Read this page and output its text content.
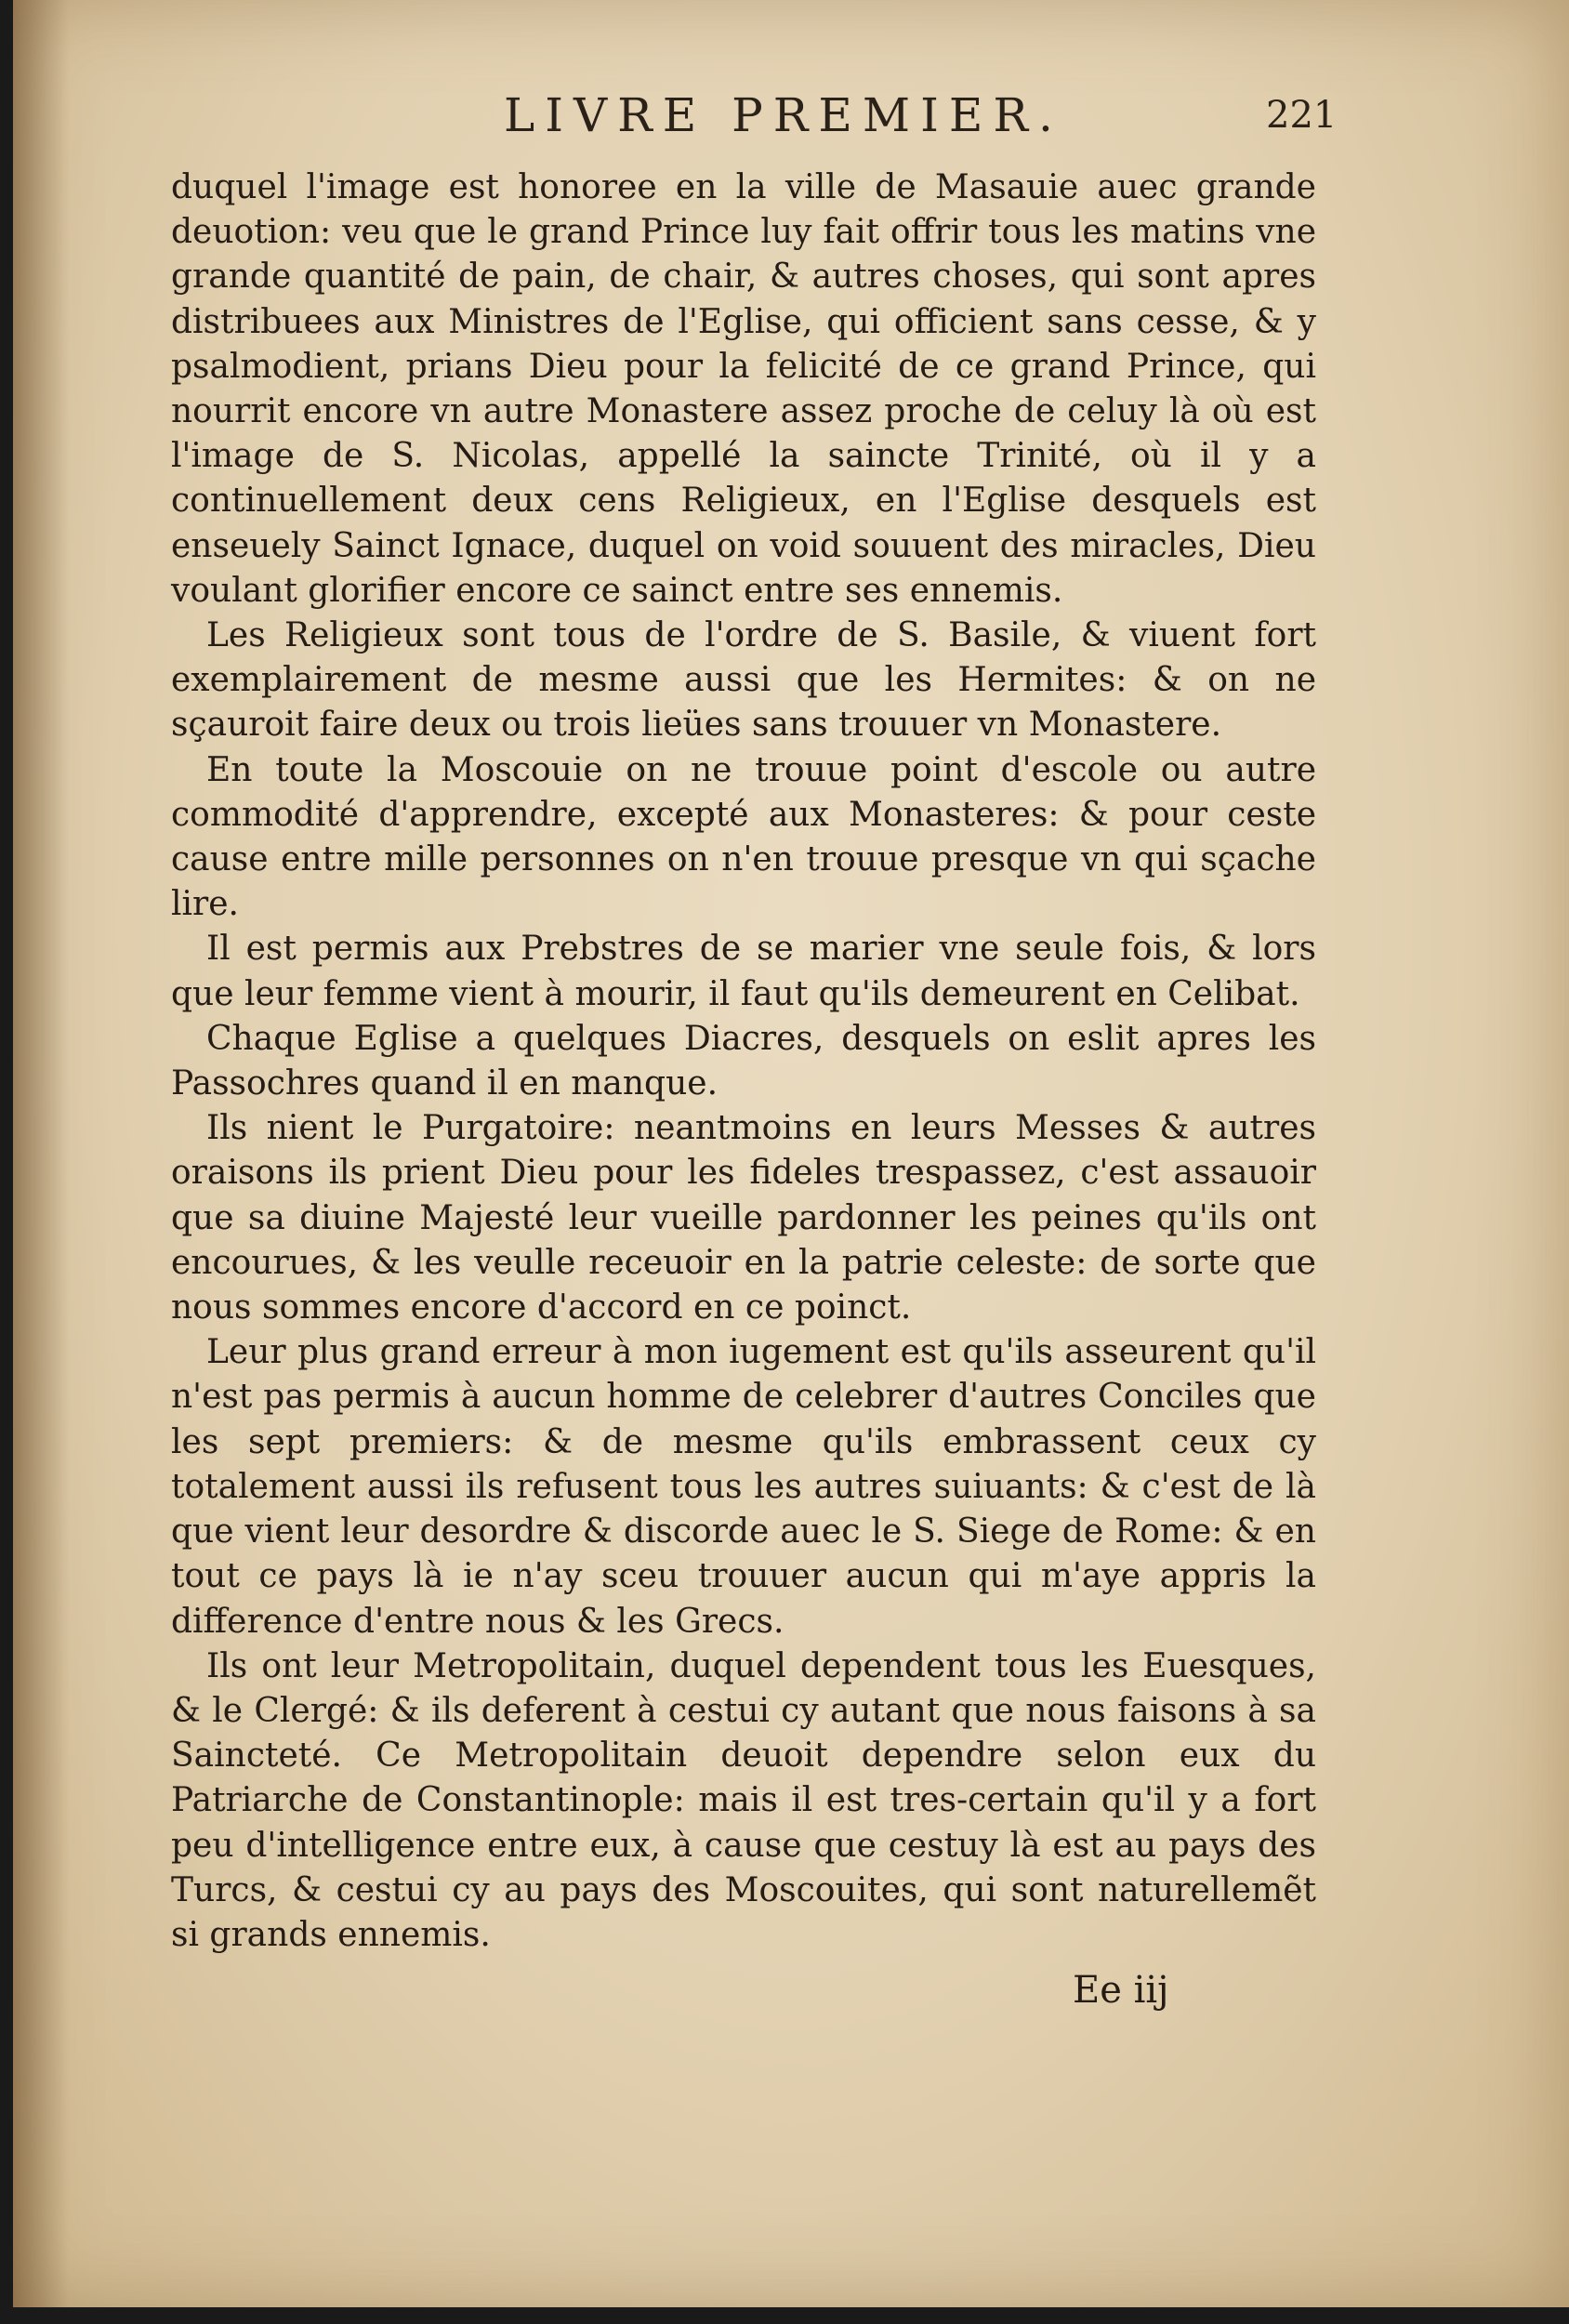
LIVRE PREMIER.	221

duquel l'image est honoree en la ville de Masauie auec grande deuotion: veu que le grand Prince luy fait offrir tous les matins vne grande quantité de pain, de chair, & autres choses, qui sont apres distribuees aux Ministres de l'Eglise, qui officient sans cesse, & y psalmodient, prians Dieu pour la felicité de ce grand Prince, qui nourrit encore vn autre Monastere assez proche de celuy là où est l'image de S. Nicolas, appellé la saincte Trinité, où il y a continuellement deux cens Religieux, en l'Eglise desquels est enseuely Sainct Ignace, duquel on void souuent des miracles, Dieu voulant glorifier encore ce sainct entre ses ennemis.

Les Religieux sont tous de l'ordre de S. Basile, & viuent fort exemplairement de mesme aussi que les Hermites: & on ne sçauroit faire deux ou trois lieües sans trouuer vn Monastere.

En toute la Moscouie on ne trouue point d'escole ou autre commodité d'apprendre, excepté aux Monasteres: & pour ceste cause entre mille personnes on n'en trouue presque vn qui sçache lire.

Il est permis aux Prebstres de se marier vne seule fois, & lors que leur femme vient à mourir, il faut qu'ils demeurent en Celibat.

Chaque Eglise a quelques Diacres, desquels on eslit apres les Passochres quand il en manque.

Ils nient le Purgatoire: neantmoins en leurs Messes & autres oraisons ils prient Dieu pour les fideles trespassez, c'est assauoir que sa diuine Majesté leur vueille pardonner les peines qu'ils ont encourues, & les veulle receuoir en la patrie celeste: de sorte que nous sommes encore d'accord en ce poinct.

Leur plus grand erreur à mon iugement est qu'ils asseurent qu'il n'est pas permis à aucun homme de celebrer d'autres Conciles que les sept premiers: & de mesme qu'ils embrassent ceux cy totalement aussi ils refusent tous les autres suiuants: & c'est de là que vient leur desordre & discorde auec le S. Siege de Rome: & en tout ce pays là ie n'ay sceu trouuer aucun qui m'aye appris la difference d'entre nous & les Grecs.

Ils ont leur Metropolitain, duquel dependent tous les Euesques, & le Clergé: & ils deferent à cestui cy autant que nous faisons à sa Saincteté. Ce Metropolitain deuoit dependre selon eux du Patriarche de Constantinople: mais il est tres-certain qu'il y a fort peu d'intelligence entre eux, à cause que cestuy là est au pays des Turcs, & cestui cy au pays des Moscouites, qui sont naturellemẽt si grands ennemis.

Ee iij
